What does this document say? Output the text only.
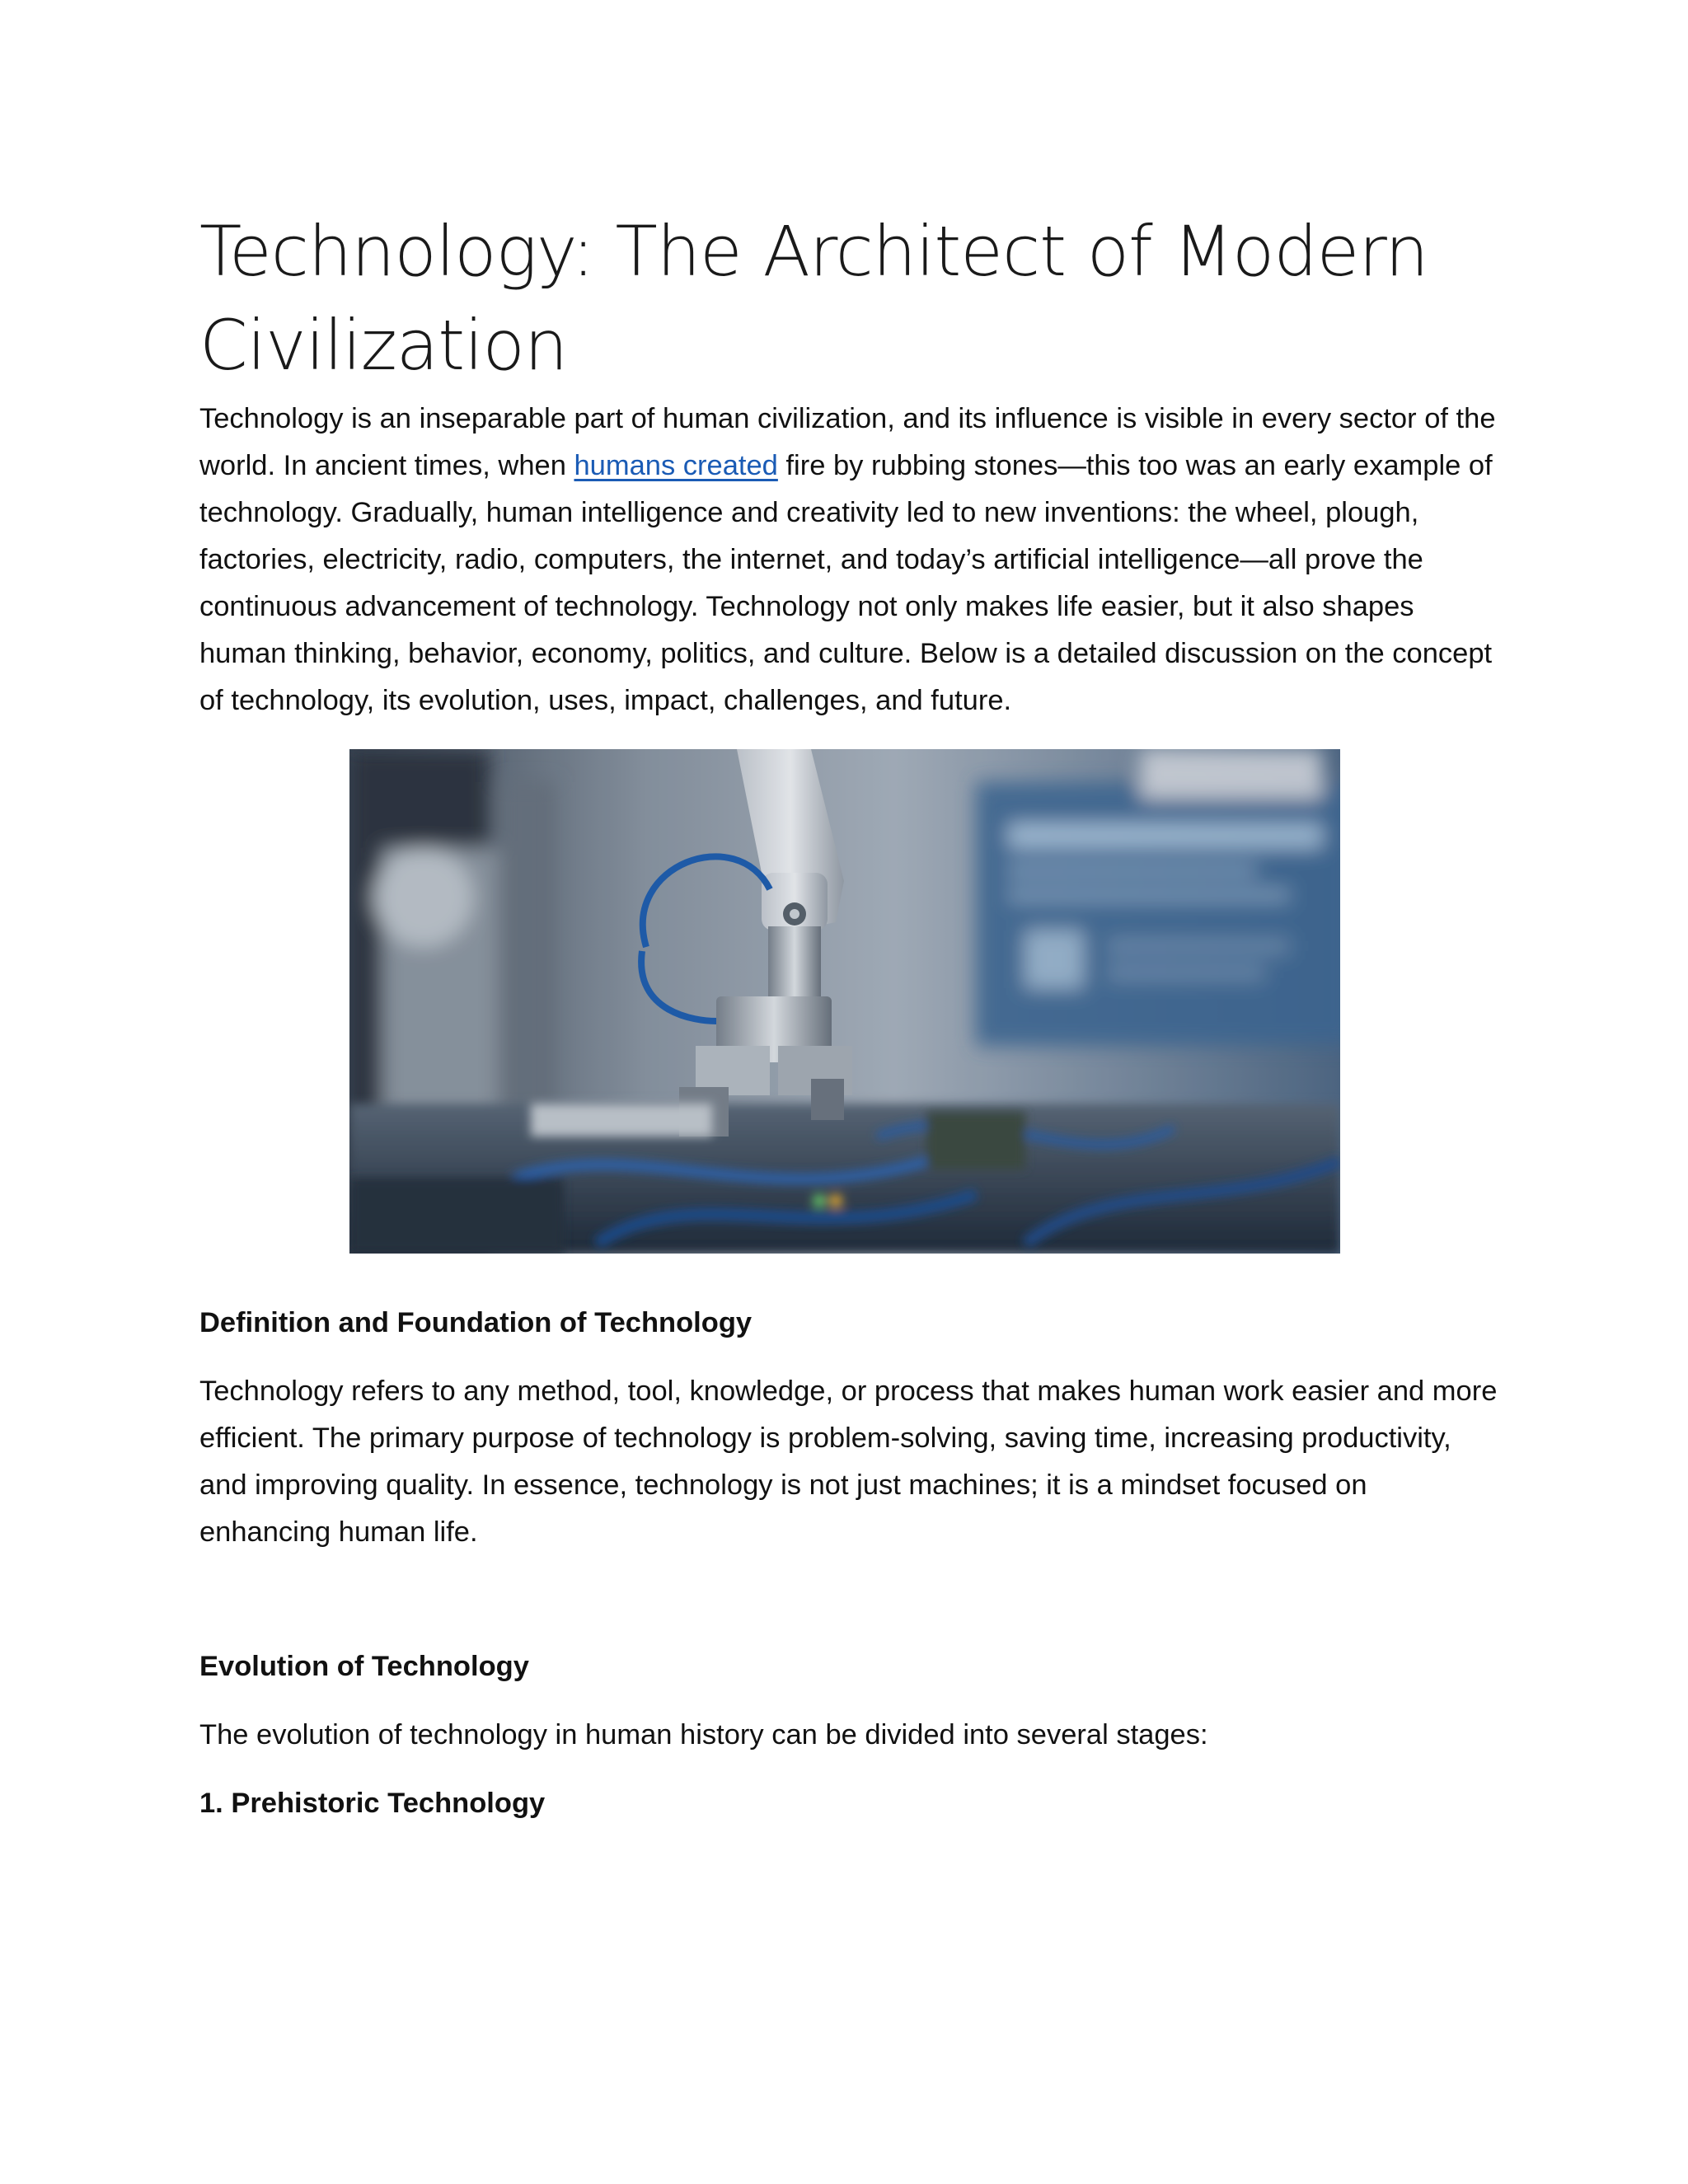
Technology: The Architect of Modern
Civilization

Technology is an inseparable part of human civilization, and its influence is visible in every sector of the world. In ancient times, when humans created fire by rubbing stones—this too was an early example of technology. Gradually, human intelligence and creativity led to new inventions: the wheel, plough, factories, electricity, radio, computers, the internet, and today’s artificial intelligence—all prove the continuous advancement of technology. Technology not only makes life easier, but it also shapes human thinking, behavior, economy, politics, and culture. Below is a detailed discussion on the concept of technology, its evolution, uses, impact, challenges, and future.

Definition and Foundation of Technology

Technology refers to any method, tool, knowledge, or process that makes human work easier and more efficient. The primary purpose of technology is problem-solving, saving time, increasing productivity, and improving quality. In essence, technology is not just machines; it is a mindset focused on enhancing human life.

Evolution of Technology

The evolution of technology in human history can be divided into several stages:

1. Prehistoric Technology
